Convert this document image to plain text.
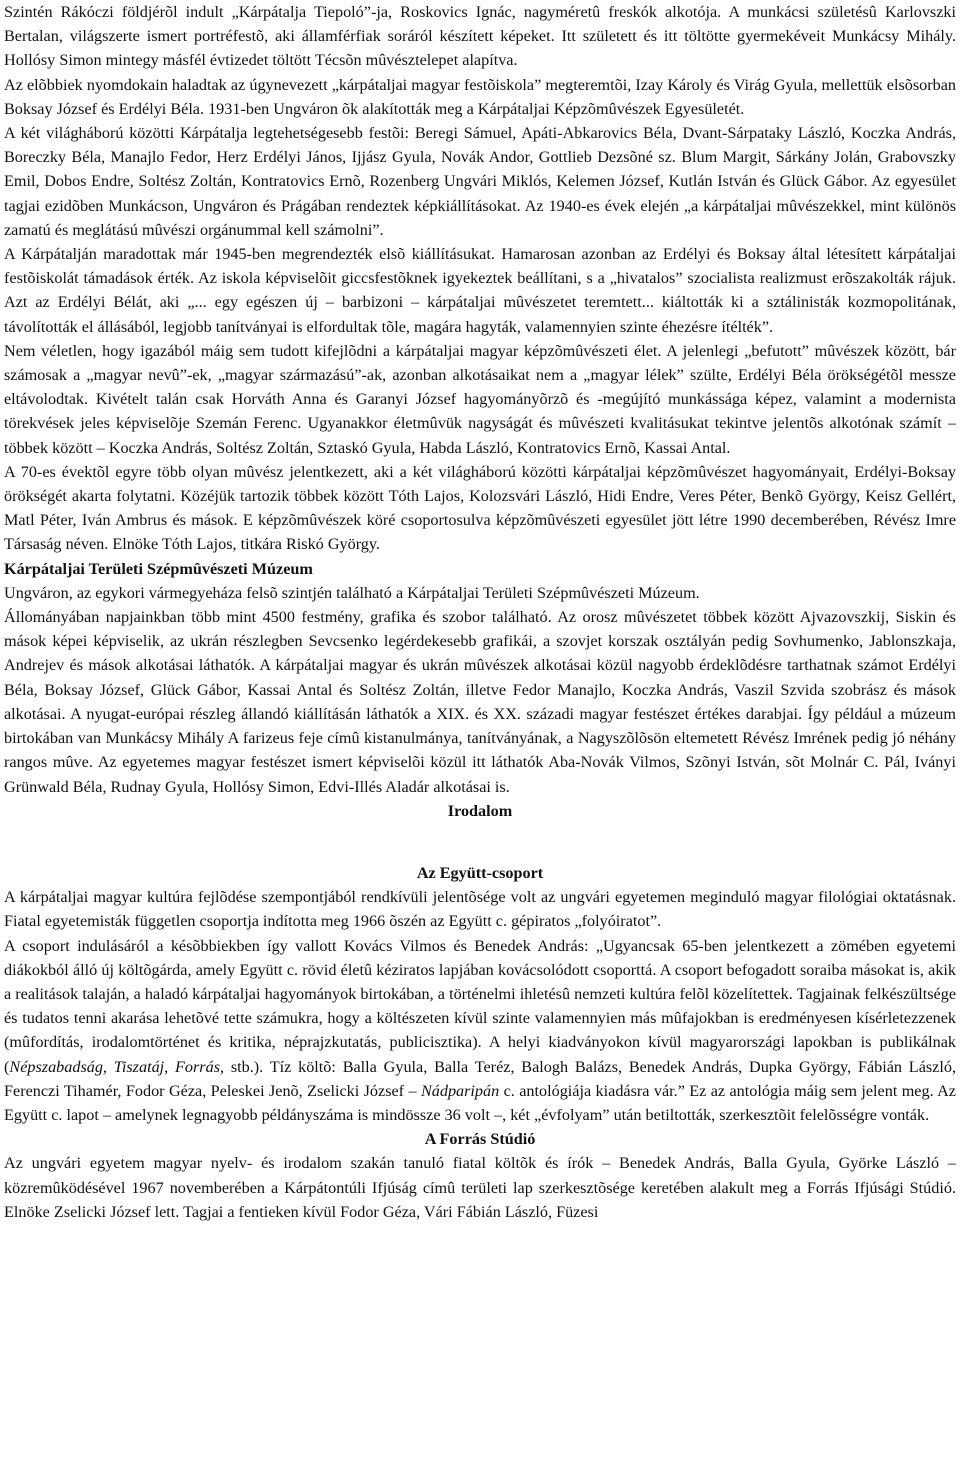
Szintén Rákóczi földjérõl indult „Kárpátalja Tiepoló”-ja, Roskovics Ignác, nagyméretû freskók alkotója. A munkácsi születésû Karlovszki Bertalan, világszerte ismert portréfestõ, aki államférfiak soráról készített képeket. Itt született és itt töltötte gyermekéveit Munkácsy Mihály. Hollósy Simon mintegy másfél évtizedet töltött Técsõn mûvésztelepet alapítva.

Az elõbbiek nyomdokain haladtak az úgynevezett „kárpátaljai magyar festõiskola” megteremtõi, Izay Károly és Virág Gyula, mellettük elsõsorban Boksay József és Erdélyi Béla. 1931-ben Ungváron õk alakították meg a Kárpátaljai Képzõmûvészek Egyesületét.

A két világháború közötti Kárpátalja legtehetségesebb festõi: Beregi Sámuel, Apáti-Abkarovics Béla, Dvant-Sárpataky László, Koczka András, Boreczky Béla, Manajlo Fedor, Herz Erdélyi János, Ijjász Gyula, Novák Andor, Gottlieb Dezsõné sz. Blum Margit, Sárkány Jolán, Grabovszky Emil, Dobos Endre, Soltész Zoltán, Kontratovics Ernõ, Rozenberg Ungvári Miklós, Kelemen József, Kutlán István és Glück Gábor. Az egyesület tagjai ezidõben Munkácson, Ungváron és Prágában rendeztek képkiállításokat. Az 1940-es évek elején „a kárpátaljai mûvészekkel, mint különös zamatú és meglátású mûvészi orgánummal kell számolni”.

A Kárpátalján maradottak már 1945-ben megrendezték elsõ kiállításukat. Hamarosan azonban az Erdélyi és Boksay által létesített kárpátaljai festõiskolát támadások érték. Az iskola képviselõit giccsfestõknek igyekeztek beállítani, s a „hivatalos” szocialista realizmust erõszakolták rájuk. Azt az Erdélyi Bélát, aki „... egy egészen új – barbizoni – kárpátaljai mûvészetet teremtett... kiáltották ki a sztálinisták kozmopolitának, távolították el állásából, legjobb tanítványai is elfordultak tõle, magára hagyták, valamennyien szinte éhezésre ítélték”.

Nem véletlen, hogy igazából máig sem tudott kifejlõdni a kárpátaljai magyar képzõmûvészeti élet. A jelenlegi „befutott” mûvészek között, bár számosak a „magyar nevû”-ek, „magyar származású”-ak, azonban alkotásaikat nem a „magyar lélek” szülte, Erdélyi Béla örökségétõl messze eltávolodtak. Kivételt talán csak Horváth Anna és Garanyi József hagyományõrzõ és -megújító munkássága képez, valamint a modernista törekvések jeles képviselõje Szemán Ferenc. Ugyanakkor életmûvük nagyságát és mûvészeti kvalitásukat tekintve jelentõs alkotónak számít – többek között – Koczka András, Soltész Zoltán, Sztaskó Gyula, Habda László, Kontratovics Ernõ, Kassai Antal.

A 70-es évektõl egyre több olyan mûvész jelentkezett, aki a két világháború közötti kárpátaljai képzõmûvészet hagyományait, Erdélyi-Boksay örökségét akarta folytatni. Közéjük tartozik többek között Tóth Lajos, Kolozsvári László, Hidi Endre, Veres Péter, Benkõ György, Keisz Gellért, Matl Péter, Iván Ambrus és mások. E képzõmûvészek köré csoportosulva képzõmûvészeti egyesület jött létre 1990 decemberében, Révész Imre Társaság néven. Elnöke Tóth Lajos, titkára Riskó György.

Kárpátaljai Területi Szépmûvészeti Múzeum

Ungváron, az egykori vármegyeháza felsõ szintjén található a Kárpátaljai Területi Szépmûvészeti Múzeum.

Állományában napjainkban több mint 4500 festmény, grafika és szobor található. Az orosz mûvészetet többek között Ajvazovszkij, Siskin és mások képei képviselik, az ukrán részlegben Sevcsenko legérdekesebb grafikái, a szovjet korszak osztályán pedig Sovhumenko, Jablonszkaja, Andrejev és mások alkotásai láthatók. A kárpátaljai magyar és ukrán mûvészek alkotásai közül nagyobb érdeklõdésre tarthatnak számot Erdélyi Béla, Boksay József, Glück Gábor, Kassai Antal és Soltész Zoltán, illetve Fedor Manajlo, Koczka András, Vaszil Szvida szobrász és mások alkotásai. A nyugat-európai részleg állandó kiállításán láthatók a XIX. és XX. századi magyar festészet értékes darabjai. Így például a múzeum birtokában van Munkácsy Mihály A farizeus feje címû kistanulmánya, tanítványának, a Nagyszõlõsön eltemetett Révész Imrének pedig jó néhány rangos mûve. Az egyetemes magyar festészet ismert képviselõi közül itt láthatók Aba-Novák Vilmos, Szõnyi István, sõt Molnár C. Pál, Iványi Grünwald Béla, Rudnay Gyula, Hollósy Simon, Edvi-Illés Aladár alkotásai is.

Irodalom

Az Együtt-csoport

A kárpátaljai magyar kultúra fejlõdése szempontjából rendkívüli jelentõsége volt az ungvári egyetemen meginduló magyar filológiai oktatásnak. Fiatal egyetemisták független csoportja indította meg 1966 õszén az Együtt c. gépiratos „folyóiratot”.

A csoport indulásáról a késõbbiekben így vallott Kovács Vilmos és Benedek András: „Ugyancsak 65-ben jelentkezett a zömében egyetemi diákokból álló új költõgárda, amely Együtt c. rövid életû kéziratos lapjában kovácsolódott csoporttá. A csoport befogadott soraiba másokat is, akik a realitások talaján, a haladó kárpátaljai hagyományok birtokában, a történelmi ihletésû nemzeti kultúra felõl közelítettek. Tagjainak felkészültsége és tudatos tenni akarása lehetõvé tette számukra, hogy a költészeten kívül szinte valamennyien más mûfajokban is eredményesen kísérletezzenek (mûfordítás, irodalomtörténet és kritika, néprajzkutatás, publicisztika). A helyi kiadványokon kívül magyarországi lapokban is publikálnak (Népszabadság, Tiszatáj, Forrás, stb.). Tíz költõ: Balla Gyula, Balla Teréz, Balogh Balázs, Benedek András, Dupka György, Fábián László, Ferenczi Tihamér, Fodor Géza, Peleskei Jenõ, Zselicki József – Nádparipán c. antológiája kiadásra vár.” Ez az antológia máig sem jelent meg. Az Együtt c. lapot – amelynek legnagyobb példányszáma is mindössze 36 volt –, két „évfolyam” után betiltották, szerkesztõit felelõsségre vonták.

A Forrás Stúdió

Az ungvári egyetem magyar nyelv- és irodalom szakán tanuló fiatal költõk és írók – Benedek András, Balla Gyula, Györke László – közremûködésével 1967 novemberében a Kárpátontúli Ifjúság címû területi lap szerkesztõsége keretében alakult meg a Forrás Ifjúsági Stúdió. Elnöke Zselicki József lett. Tagjai a fentieken kívül Fodor Géza, Vári Fábián László, Füzesi
